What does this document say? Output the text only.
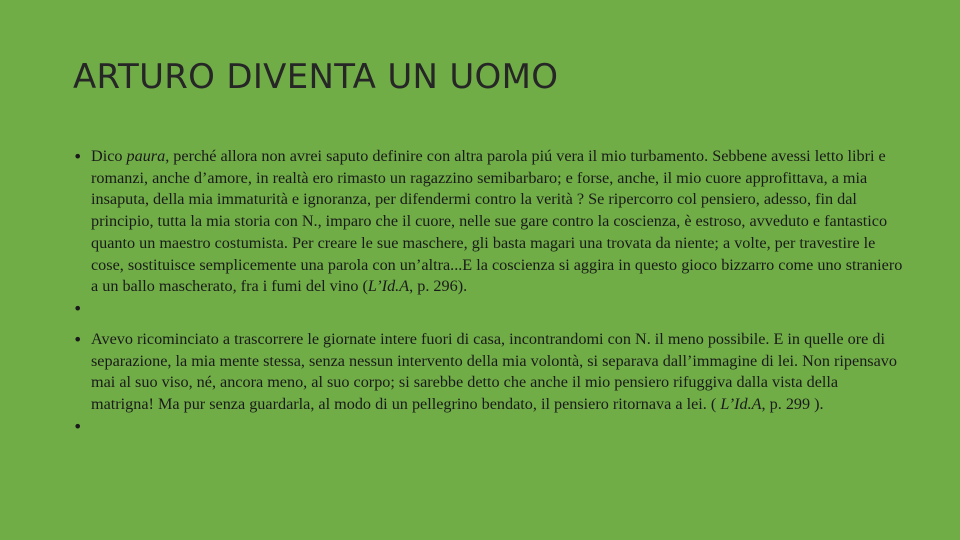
ARTURO DIVENTA UN UOMO
• Dico paura, perché allora non avrei saputo definire con altra parola piú vera il mio turbamento. Sebbene avessi letto libri e romanzi, anche d’amore, in realtà ero rimasto un ragazzino semibarbaro; e forse, anche, il mio cuore approfittava, a mia insaputa, della mia immaturità e ignoranza, per difendermi contro la verità ? Se ripercorro col pensiero, adesso, fin dal principio, tutta la mia storia con N., imparo che il cuore, nelle sue gare contro la coscienza, è estroso, avveduto e fantastico quanto un maestro costumista. Per creare le sue maschere, gli basta magari una trovata da niente; a volte, per travestire le cose, sostituisce semplicemente una parola con un’altra...E la coscienza si aggira in questo gioco bizzarro come uno straniero a un ballo mascherato, fra i fumi del vino (L’Id.A, p. 296).
•
• Avevo ricominciato a trascorrere le giornate intere fuori di casa, incontrandomi con N. il meno possibile. E in quelle ore di separazione, la mia mente stessa, senza nessun intervento della mia volontà, si separava dall’immagine di lei. Non ripensavo mai al suo viso, né, ancora meno, al suo corpo; si sarebbe detto che anche il mio pensiero rifuggiva dalla vista della matrigna! Ma pur senza guardarla, al modo di un pellegrino bendato, il pensiero ritornava a lei. ( L’Id.A, p. 299 ).
•
